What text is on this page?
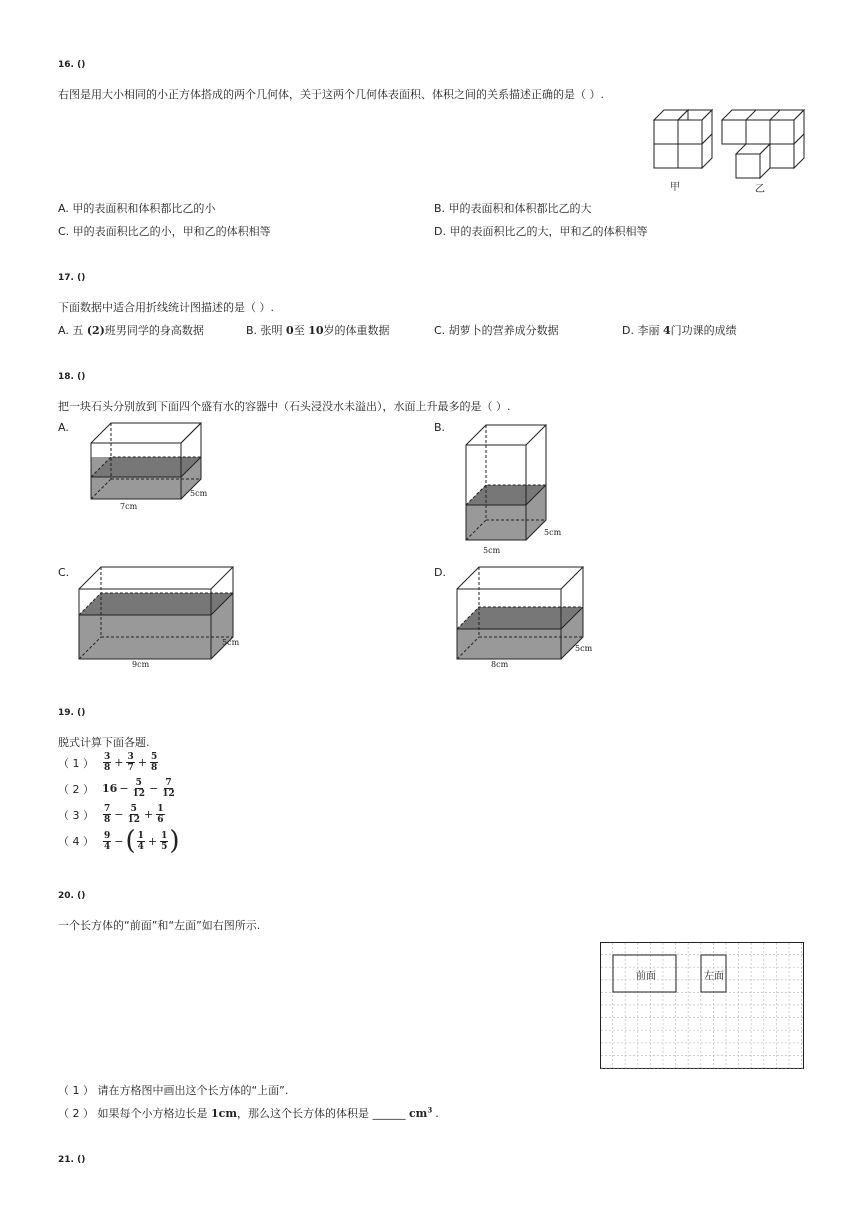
16. ()
右图是用大小相同的小正方体搭成的两个几何体，关于这两个几何体表面积、体积之间的关系描述正确的是（ ）.
甲	乙
A. 甲的表面积和体积都比乙的小	B. 甲的表面积和体积都比乙的大
C. 甲的表面积比乙的小，甲和乙的体积相等	D. 甲的表面积比乙的大，甲和乙的体积相等
17. ()
下面数据中适合用折线统计图描述的是（ ）.
A. 五 (2)班男同学的身高数据	B. 张明 0至 10岁的体重数据	C. 胡萝卜的营养成分数据	D. 李丽 4门功课的成绩
18. ()
把一块石头分别放到下面四个盛有水的容器中（石头浸没水未溢出），水面上升最多的是（ ）.
A.
7cm
5cm
B.
5cm
5cm
C.
9cm
5cm
D.
8cm
5cm
19. ()
脱式计算下面各题.
（ 1 ） $\frac{3}{8} + \frac{3}{7} + \frac{5}{8}$
（ 2 ） $16 - \frac{5}{12} - \frac{7}{12}$
（ 3 ） $\frac{7}{8} - \frac{5}{12} + \frac{1}{6}$
（ 4 ） $\frac{9}{4}$ − ( $\frac{1}{4} + \frac{1}{5}$ )
20. ()
一个长方体的“前面”和“左面”如右图所示.
前面	左面
（ 1 ） 请在方格图中画出这个长方体的“上面”.
（ 2 ） 如果每个小方格边长是 1cm，那么这个长方体的体积是 ______ $cm^3$ .
21. ()
